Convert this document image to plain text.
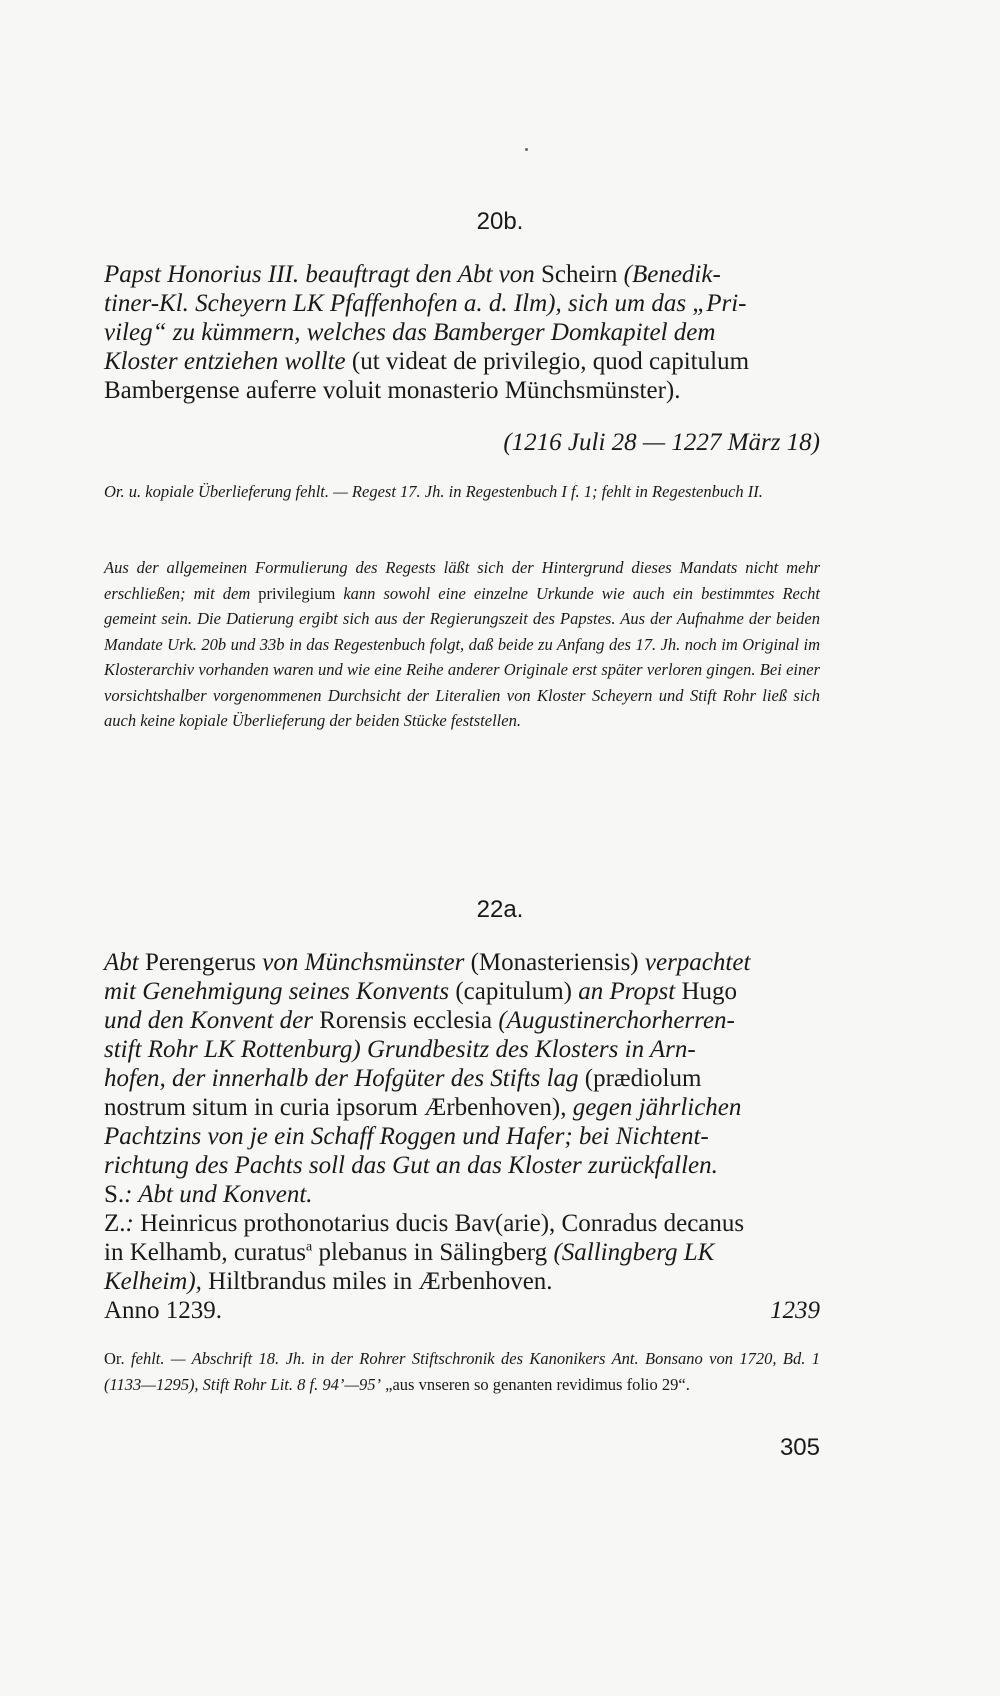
20b.
Papst Honorius III. beauftragt den Abt von Scheirn (Benedik-
tiner-Kl. Scheyern LK Pfaffenhofen a. d. Ilm), sich um das „Pri-
vileg“ zu kümmern, welches das Bamberger Domkapitel dem
Kloster entziehen wollte (ut videat de privilegio, quod capitulum
Bambergense auferre voluit monasterio Münchsmünster).
(1216 Juli 28 — 1227 März 18)
Or. u. kopiale Überlieferung fehlt. — Regest 17. Jh. in Regestenbuch I f. 1; fehlt in Regestenbuch II.
Aus der allgemeinen Formulierung des Regests läßt sich der Hintergrund dieses Mandats nicht mehr erschließen; mit dem privilegium kann sowohl eine einzelne Urkunde wie auch ein bestimmtes Recht gemeint sein. Die Datierung ergibt sich aus der Regierungszeit des Papstes. Aus der Aufnahme der beiden Mandate Urk. 20b und 33b in das Regestenbuch folgt, daß beide zu Anfang des 17. Jh. noch im Original im Klosterarchiv vorhanden waren und wie eine Reihe anderer Originale erst später verloren gingen. Bei einer vorsichtshalber vorgenommenen Durchsicht der Literalien von Kloster Scheyern und Stift Rohr ließ sich auch keine kopiale Überlieferung der beiden Stücke feststellen.
22a.
Abt Perengerus von Münchsmünster (Monasteriensis) verpachtet
mit Genehmigung seines Konvents (capitulum) an Propst Hugo
und den Konvent der Rorensis ecclesia (Augustinerchorherren-
stift Rohr LK Rottenburg) Grundbesitz des Klosters in Arn-
hofen, der innerhalb der Hofgüter des Stifts lag (prædiolum
nostrum situm in curia ipsorum Ærbenhoven), gegen jährlichen
Pachtzins von je ein Schaff Roggen und Hafer; bei Nichtent-
richtung des Pachts soll das Gut an das Kloster zurückfallen.
S.: Abt und Konvent.
Z.: Heinricus prothonotarius ducis Bav(arie), Conradus decanus
in Kelhamb, curatus$^a$ plebanus in Sälingberg (Sallingberg LK
Kelheim), Hiltbrandus miles in Ærbenhoven.
Anno 1239.	1239
Or. fehlt. — Abschrift 18. Jh. in der Rohrer Stiftschronik des Kanonikers Ant. Bonsano von 1720, Bd. 1 (1133—1295), Stift Rohr Lit. 8 f. 94’—95’ „aus vnseren so genanten revidimus folio 29“.
305
